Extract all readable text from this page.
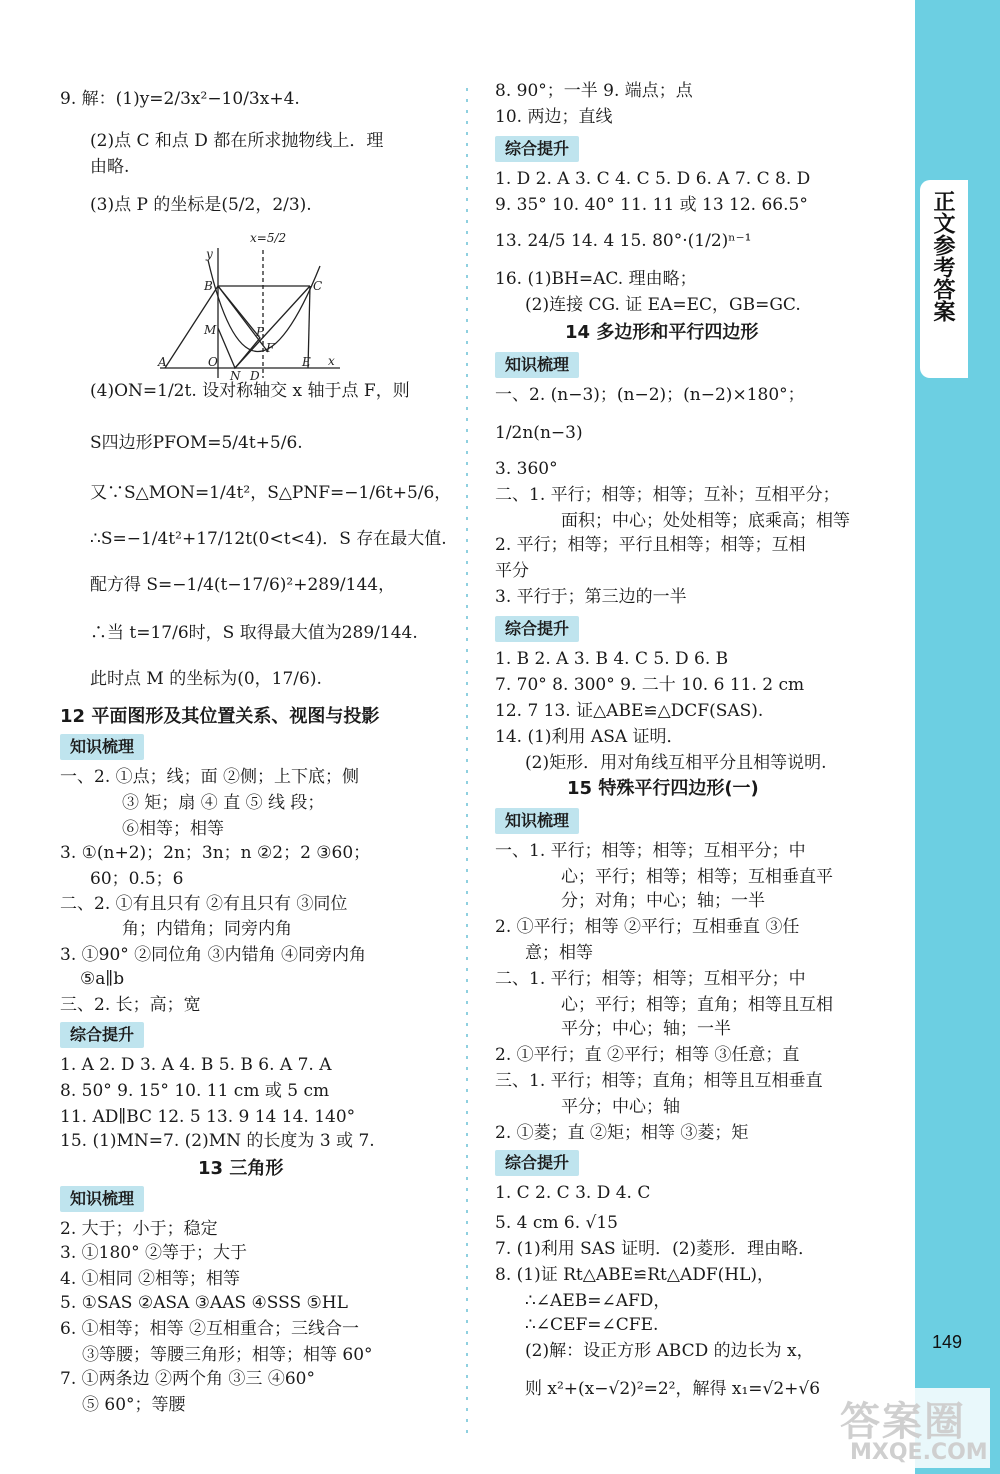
正文参考答案
149
9. 解：(1)y=2/3x²−10/3x+4.
(2)点 C 和点 D 都在所求抛物线上．理
由略.
(3)点 P 的坐标是(5/2，2/3).
(4)ON=1/2t. 设对称轴交 x 轴于点 F，则
S四边形PFOM=5/4t+5/6.
又∵S△MON=1/4t²，S△PNF=−1/6t+5/6，
∴S=−1/4t²+17/12t(0<t<4)．S 存在最大值.
配方得 S=−1/4(t−17/6)²+289/144，
∴当 t=17/6时，S 取得最大值为289/144.
此时点 M 的坐标为(0，17/6).
12 平面图形及其位置关系、视图与投影
知识梳理
一、2. ①点；线；面 ②侧；上下底；侧
③ 矩；扇 ④ 直 ⑤ 线 段；
⑥相等；相等
3. ①(n+2)；2n；3n；n ②2；2 ③60；
60；0.5；6
二、2. ①有且只有 ②有且只有 ③同位
角；内错角；同旁内角
3. ①90° ②同位角 ③内错角 ④同旁内角
⑤a∥b
三、2. 长；高；宽
综合提升
1. A 2. D 3. A 4. B 5. B 6. A 7. A
8. 50° 9. 15° 10. 11 cm 或 5 cm
11. AD∥BC 12. 5 13. 9 14 14. 140°
15. (1)MN=7. (2)MN 的长度为 3 或 7.
13 三角形
知识梳理
2. 大于；小于；稳定
3. ①180° ②等于；大于
4. ①相同 ②相等；相等
5. ①SAS ②ASA ③AAS ④SSS ⑤HL
6. ①相等；相等 ②互相重合；三线合一
③等腰；等腰三角形；相等；相等 60°
7. ①两条边 ②两个角 ③三 ④60°
⑤ 60°；等腰
x=5/2
y
x
B	C
M	P
F
A	O
N D
E
8. 90°；一半 9. 端点；点
10. 两边；直线
综合提升
1. D 2. A 3. C 4. C 5. D 6. A 7. C 8. D
9. 35° 10. 40° 11. 11 或 13 12. 66.5°
13. 24/5 14. 4 15. 80°·(1/2)ⁿ⁻¹
16. (1)BH=AC. 理由略；
(2)连接 CG. 证 EA=EC，GB=GC.
14 多边形和平行四边形
知识梳理
一、2. (n−3)；(n−2)；(n−2)×180°；
1/2n(n−3)
3. 360°
二、1. 平行；相等；相等；互补；互相平分；
面积；中心；处处相等；底乘高；相等
2. 平行；相等；平行且相等；相等；互相
平分
3. 平行于；第三边的一半
综合提升
1. B 2. A 3. B 4. C 5. D 6. B
7. 70° 8. 300° 9. 二十 10. 6 11. 2 cm
12. 7 13. 证△ABE≌△DCF(SAS).
14. (1)利用 ASA 证明．
(2)矩形．用对角线互相平分且相等说明.
15 特殊平行四边形(一)
知识梳理
一、1. 平行；相等；相等；互相平分；中
心；平行；相等；相等；互相垂直平
分；对角；中心；轴；一半
2. ①平行；相等 ②平行；互相垂直 ③任
意；相等
二、1. 平行；相等；相等；互相平分；中
心；平行；相等；直角；相等且互相
平分；中心；轴；一半
2. ①平行；直 ②平行；相等 ③任意；直
三、1. 平行；相等；直角；相等且互相垂直
平分；中心；轴
2. ①菱；直 ②矩；相等 ③菱；矩
综合提升
1. C 2. C 3. D 4. C
5. 4 cm 6. √15
7. (1)利用 SAS 证明．(2)菱形．理由略．
8. (1)证 Rt△ABE≌Rt△ADF(HL)，
∴∠AEB=∠AFD，
∴∠CEF=∠CFE.
(2)解：设正方形 ABCD 的边长为 x，
则 x²+(x−√2)²=2²，解得 x₁=√2+√6
答案圈
MXQE.COM
